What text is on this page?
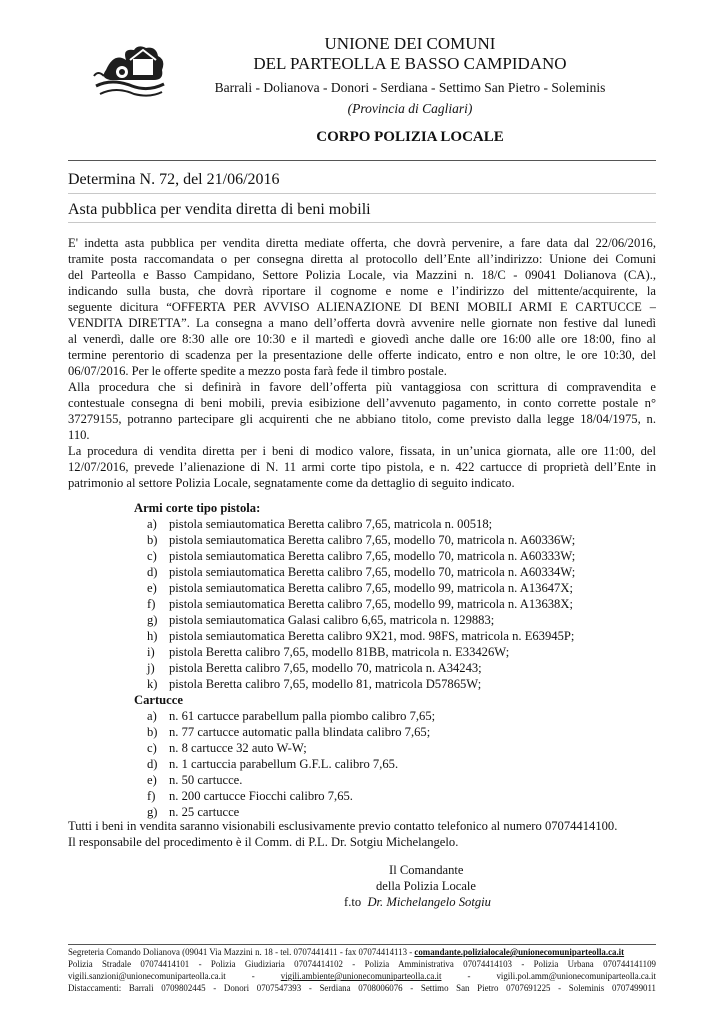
UNIONE DEI COMUNI
DEL PARTEOLLA E BASSO CAMPIDANO
Barrali - Dolianova - Donori - Serdiana - Settimo San Pietro - Soleminis
(Provincia di Cagliari)
CORPO POLIZIA LOCALE
Determina N. 72, del 21/06/2016
Asta pubblica per vendita diretta di beni mobili
E' indetta asta pubblica per vendita diretta mediate offerta, che dovrà pervenire, a fare data dal 22/06/2016,
tramite posta raccomandata o per consegna diretta al protocollo dell’Ente all’indirizzo: Unione dei Comuni
del Parteolla e Basso Campidano, Settore Polizia Locale, via Mazzini n. 18/C - 09041 Dolianova (CA).,
indicando sulla busta, che dovrà riportare il cognome e nome e l’indirizzo del mittente/acquirente, la
seguente dicitura “OFFERTA PER AVVISO ALIENAZIONE DI BENI MOBILI ARMI E CARTUCCE –
VENDITA DIRETTA”. La consegna a mano dell’offerta dovrà avvenire nelle giornate non festive dal lunedì
al venerdì, dalle ore 8:30 alle ore 10:30 e il martedì e giovedì anche dalle ore 16:00 alle ore 18:00, fino al
termine perentorio di scadenza per la presentazione delle offerte indicato, entro e non oltre, le ore 10:30, del
06/07/2016. Per le offerte spedite a mezzo posta farà fede il timbro postale.
Alla procedura che si definirà in favore dell’offerta più vantaggiosa con scrittura di compravendita e
contestuale consegna di beni mobili, previa esibizione dell’avvenuto pagamento, in conto corrette postale n°
37279155, potranno partecipare gli acquirenti che ne abbiano titolo, come previsto dalla legge 18/04/1975, n.
110.
La procedura di vendita diretta per i beni di modico valore, fissata, in un’unica giornata, alle ore 11:00, del
12/07/2016, prevede l’alienazione di N. 11 armi corte tipo pistola, e n. 422 cartucce di proprietà dell’Ente in
patrimonio al settore Polizia Locale, segnatamente come da dettaglio di seguito indicato.
Armi corte tipo pistola:
a) pistola semiautomatica Beretta calibro 7,65, matricola n. 00518;
b) pistola semiautomatica Beretta calibro 7,65, modello 70, matricola n. A60336W;
c) pistola semiautomatica Beretta calibro 7,65, modello 70, matricola n. A60333W;
d) pistola semiautomatica Beretta calibro 7,65, modello 70, matricola n. A60334W;
e) pistola semiautomatica Beretta calibro 7,65, modello 99, matricola n. A13647X;
f) pistola semiautomatica Beretta calibro 7,65, modello 99, matricola n. A13638X;
g) pistola semiautomatica Galasi calibro 6,65, matricola n. 129883;
h) pistola semiautomatica Beretta calibro 9X21, mod. 98FS, matricola n. E63945P;
i) pistola Beretta calibro 7,65, modello 81BB, matricola n. E33426W;
j) pistola Beretta calibro 7,65, modello 70, matricola n. A34243;
k) pistola Beretta calibro 7,65, modello 81, matricola D57865W;
Cartucce
a) n. 61 cartucce parabellum palla piombo calibro 7,65;
b) n. 77 cartucce automatic palla blindata calibro 7,65;
c) n. 8 cartucce 32 auto W-W;
d) n. 1 cartuccia parabellum G.F.L. calibro 7,65.
e) n. 50 cartucce.
f) n. 200 cartucce Fiocchi calibro 7,65.
g) n. 25 cartucce
Tutti i beni in vendita saranno visionabili esclusivamente previo contatto telefonico al numero 07074414100.
Il responsabile del procedimento è il Comm. di P.L. Dr. Sotgiu Michelangelo.
Il Comandante
della Polizia Locale
f.to Dr. Michelangelo Sotgiu
Segreteria Comando Dolianova (09041 Via Mazzini n. 18 - tel. 0707441411 - fax 07074414113 - comandante.polizialocale@unionecomuniparteolla.ca.it
Polizia Stradale 07074414101 - Polizia Giudiziaria 07074414102 - Polizia Amministrativa 07074414103 - Polizia Urbana 070744141109
vigili.sanzioni@unionecomuniparteolla.ca.it	-	vigili.ambiente@unionecomuniparteolla.ca.it	-	vigili.pol.amm@unionecomuniparteolla.ca.it
Distaccamenti: Barrali 0709802445 - Donori 0707547393 - Serdiana 0708006076 - Settimo San Pietro 0707691225 - Soleminis 0707499011
